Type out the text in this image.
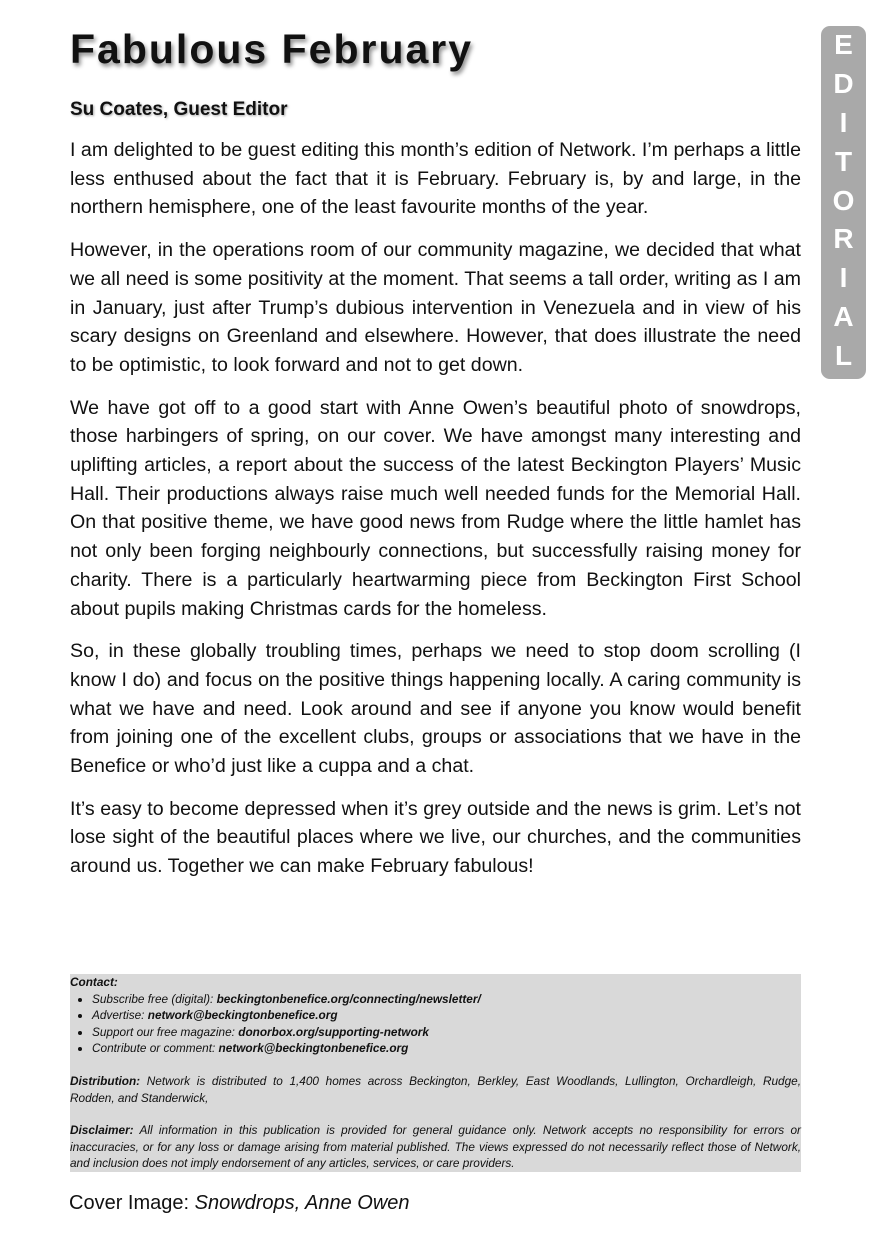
Fabulous February
Su Coates, Guest Editor

I am delighted to be guest editing this month’s edition of Network. I’m perhaps a little less enthused about the fact that it is February. February is, by and large, in the northern hemisphere, one of the least favourite months of the year.

However, in the operations room of our community magazine, we decided that what we all need is some positivity at the moment. That seems a tall order, writing as I am in January, just after Trump’s dubious intervention in Venezuela and in view of his scary designs on Greenland and elsewhere. However, that does illustrate the need to be optimistic, to look forward and not to get down.

We have got off to a good start with Anne Owen’s beautiful photo of snowdrops, those harbingers of spring, on our cover. We have amongst many interesting and uplifting articles, a report about the success of the latest Beckington Players’ Music Hall. Their productions always raise much well needed funds for the Memorial Hall. On that positive theme, we have good news from Rudge where the little hamlet has not only been forging neighbourly connections, but successfully raising money for charity. There is a particularly heartwarming piece from Beckington First School about pupils making Christmas cards for the homeless.

So, in these globally troubling times, perhaps we need to stop doom scrolling (I know I do) and focus on the positive things happening locally. A caring community is what we have and need. Look around and see if anyone you know would benefit from joining one of the excellent clubs, groups or associations that we have in the Benefice or who’d just like a cuppa and a chat.

It’s easy to become depressed when it’s grey outside and the news is grim. Let’s not lose sight of the beautiful places where we live, our churches, and the communities around us. Together we can make February fabulous!

E
D
I
T
O
R
I
A
L

Contact:

• Subscribe free (digital): beckingtonbenefice.org/connecting/newsletter/
• Advertise: network@beckingtonbenefice.org
• Support our free magazine: donorbox.org/supporting-network
• Contribute or comment: network@beckingtonbenefice.org

Distribution: Network is distributed to 1,400 homes across Beckington, Berkley, East Woodlands, Lullington, Orchardleigh, Rudge, Rodden, and Standerwick,

Disclaimer: All information in this publication is provided for general guidance only. Network accepts no responsibility for errors or inaccuracies, or for any loss or damage arising from material published. The views expressed do not necessarily reflect those of Network, and inclusion does not imply endorsement of any articles, services, or care providers.

Cover Image: Snowdrops, Anne Owen
